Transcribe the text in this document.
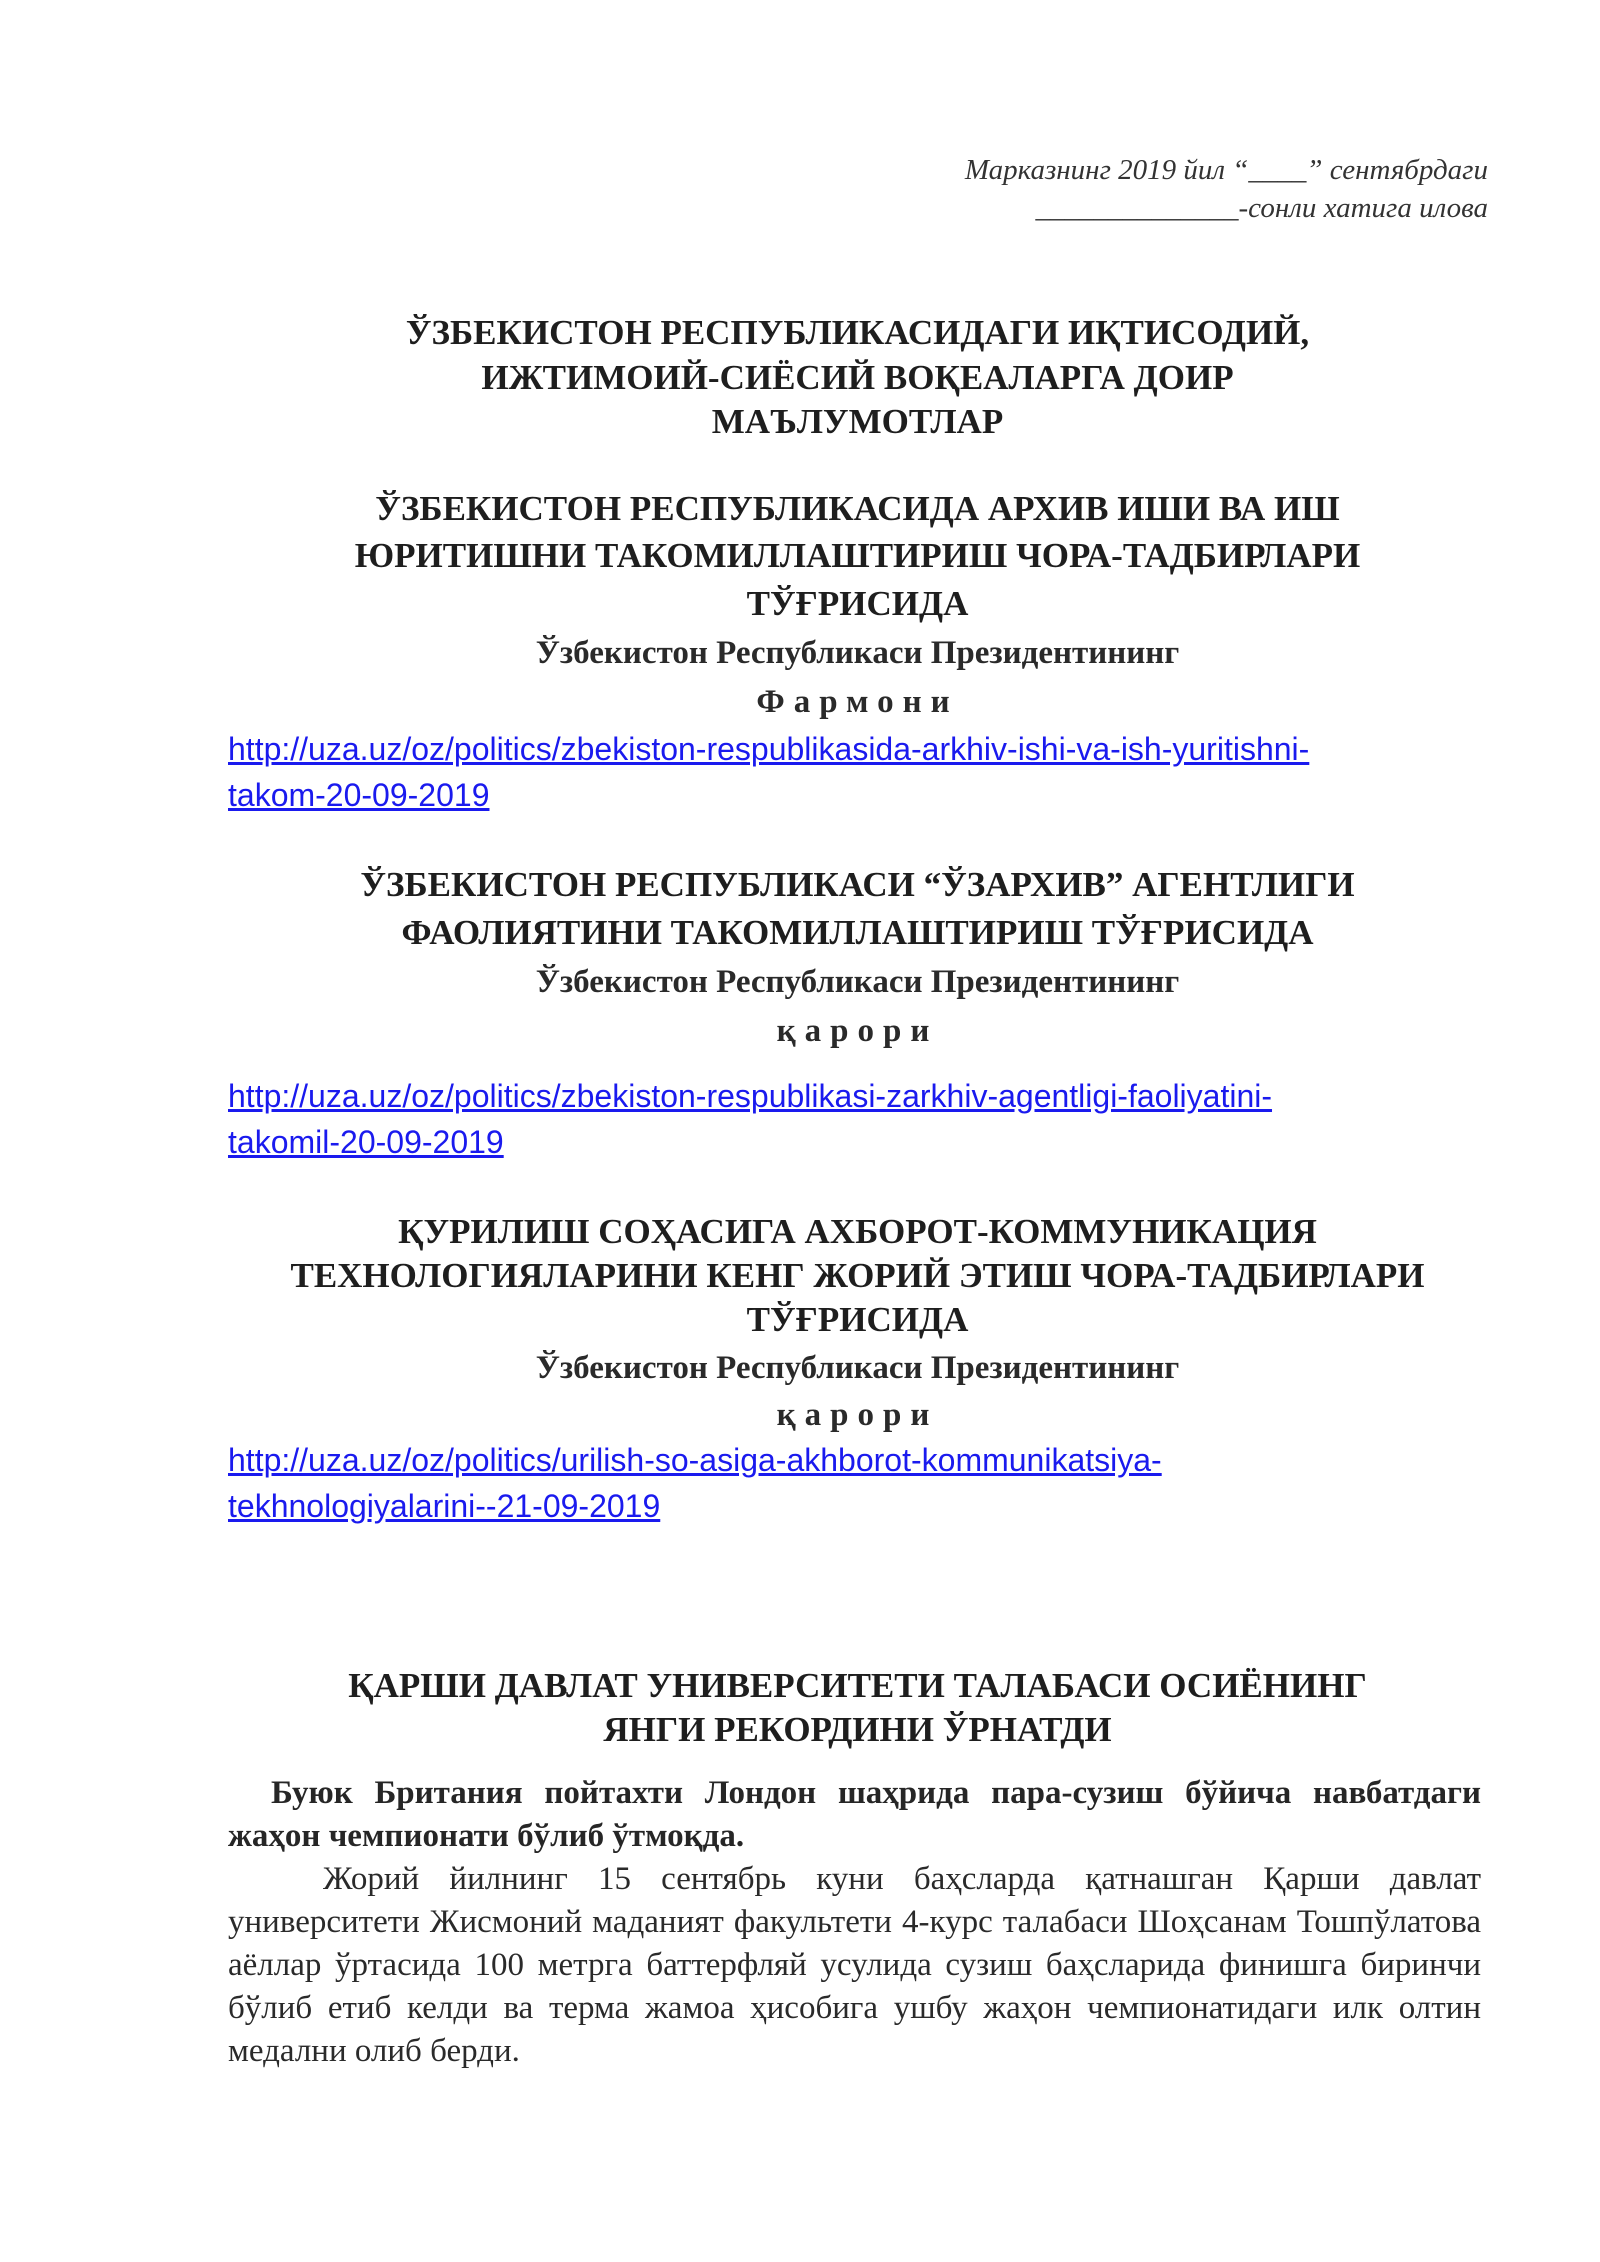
Марказнинг 2019 йил “____” сентябрдаги
______________-сонли хатига илова
ЎЗБЕКИСТОН РЕСПУБЛИКАСИДАГИ ИҚТИСОДИЙ,
ИЖТИМОИЙ-СИЁСИЙ ВОҚЕАЛАРГА ДОИР
МАЪЛУМОТЛАР
ЎЗБЕКИСТОН РЕСПУБЛИКАСИДА АРХИВ ИШИ ВА ИШ
ЮРИТИШНИ ТАКОМИЛЛАШТИРИШ ЧОРА-ТАДБИРЛАРИ
ТЎҒРИСИДА
Ўзбекистон Республикаси Президентининг
Фармони
http://uza.uz/oz/politics/zbekiston-respublikasida-arkhiv-ishi-va-ish-yuritishni-
takom-20-09-2019
ЎЗБЕКИСТОН РЕСПУБЛИКАСИ “ЎЗАРХИВ” АГЕНТЛИГИ
ФАОЛИЯТИНИ ТАКОМИЛЛАШТИРИШ ТЎҒРИСИДА
Ўзбекистон Республикаси Президентининг
қарори
http://uza.uz/oz/politics/zbekiston-respublikasi-zarkhiv-agentligi-faoliyatini-
takomil-20-09-2019
ҚУРИЛИШ СОҲАСИГА АХБОРОТ-КОММУНИКАЦИЯ
ТЕХНОЛОГИЯЛАРИНИ КЕНГ ЖОРИЙ ЭТИШ ЧОРА-ТАДБИРЛАРИ
ТЎҒРИСИДА
Ўзбекистон Республикаси Президентининг
қарори
http://uza.uz/oz/politics/urilish-so-asiga-akhborot-kommunikatsiya-
tekhnologiyalarini--21-09-2019
ҚАРШИ ДАВЛАТ УНИВЕРСИТЕТИ ТАЛАБАСИ ОСИЁНИНГ
ЯНГИ РЕКОРДИНИ ЎРНАТДИ
Буюк Британия пойтахти Лондон шаҳрида пара-сузиш бўйича навбатдаги жаҳон чемпионати бўлиб ўтмоқда.
Жорий йилнинг 15 сентябрь куни баҳсларда қатнашган Қарши давлат университети Жисмоний маданият факультети 4-курс талабаси Шоҳсанам Тошпўлатова аёллар ўртасида 100 метрга баттерфляй усулида сузиш баҳсларида финишга биринчи бўлиб етиб келди ва терма жамоа ҳисобига ушбу жаҳон чемпионатидаги илк олтин медални олиб берди.
